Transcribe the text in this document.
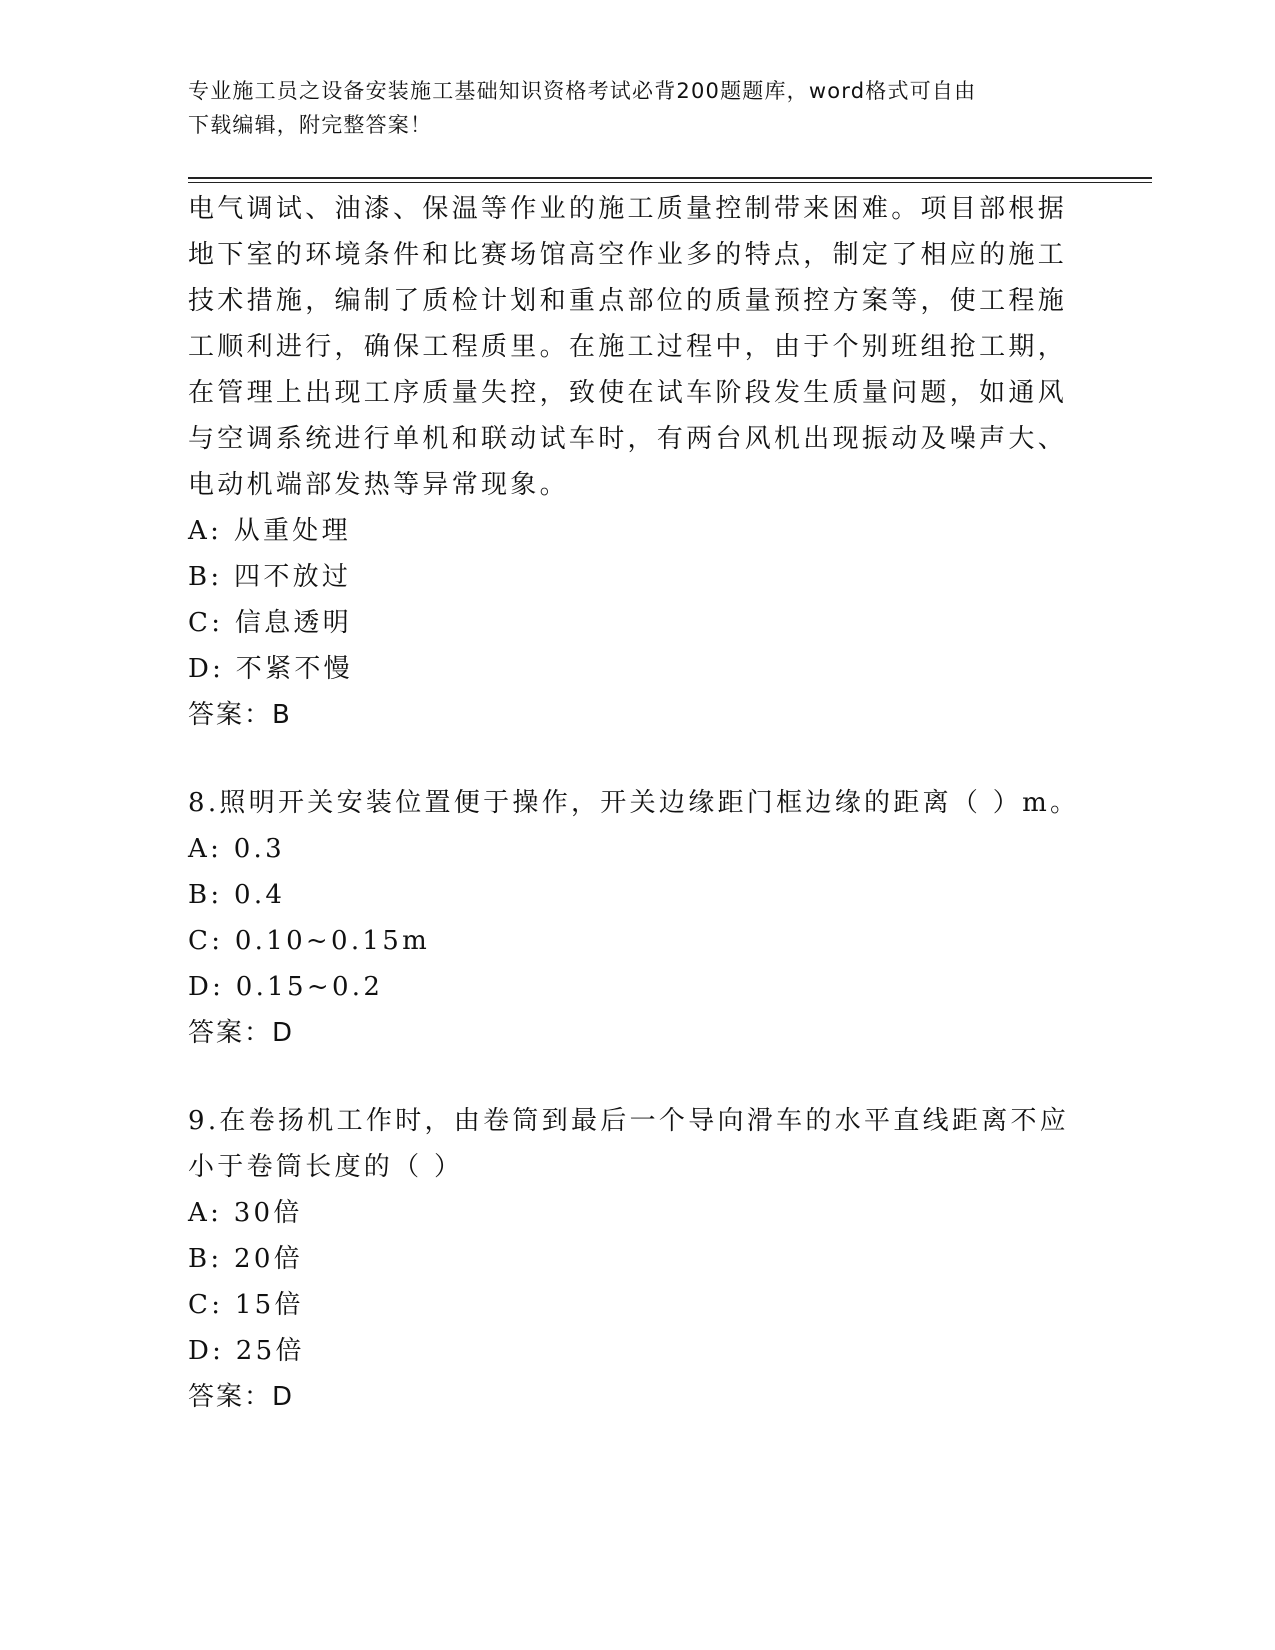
专业施工员之设备安装施工基础知识资格考试必背200题题库，word格式可自由
下载编辑，附完整答案！
电气调试、油漆、保温等作业的施工质量控制带来困难。项目部根据
地下室的环境条件和比赛场馆高空作业多的特点，制定了相应的施工
技术措施，编制了质检计划和重点部位的质量预控方案等，使工程施
工顺利进行，确保工程质里。在施工过程中，由于个别班组抢工期，
在管理上出现工序质量失控，致使在试车阶段发生质量问题，如通风
与空调系统进行单机和联动试车时，有两台风机出现振动及噪声大、
电动机端部发热等异常现象。
A: 从重处理
B: 四不放过
C: 信息透明
D: 不紧不慢
答案：B
8.照明开关安装位置便于操作，开关边缘距门框边缘的距离（ ）m。
A: 0.3
B: 0.4
C: 0.10~0.15m
D: 0.15~0.2
答案：D
9.在卷扬机工作时，由卷筒到最后一个导向滑车的水平直线距离不应
小于卷筒长度的（ ）
A: 30倍
B: 20倍
C: 15倍
D: 25倍
答案：D
